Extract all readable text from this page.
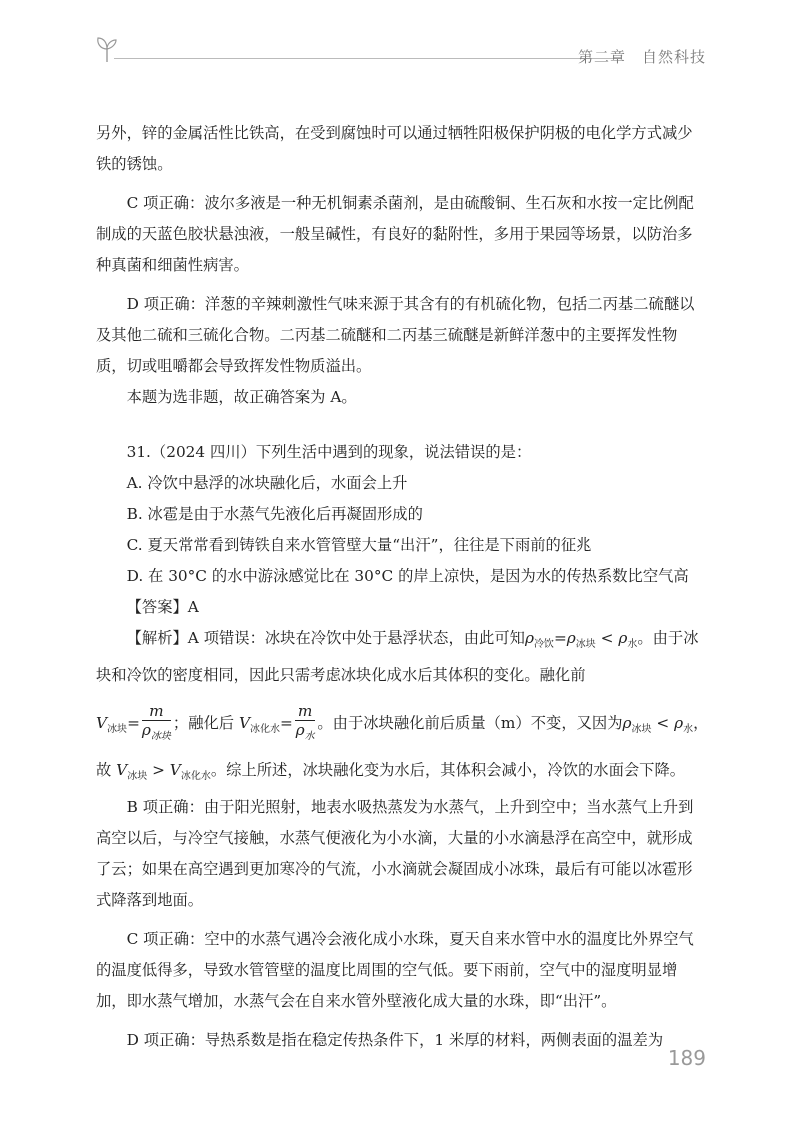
第二章　自然科技

另外，锌的金属活性比铁高，在受到腐蚀时可以通过牺牲阳极保护阴极的电化学方式减少铁的锈蚀。

C 项正确：波尔多液是一种无机铜素杀菌剂，是由硫酸铜、生石灰和水按一定比例配制成的天蓝色胶状悬浊液，一般呈碱性，有良好的黏附性，多用于果园等场景，以防治多种真菌和细菌性病害。

D 项正确：洋葱的辛辣刺激性气味来源于其含有的有机硫化物，包括二丙基二硫醚以及其他二硫和三硫化合物。二丙基二硫醚和二丙基三硫醚是新鲜洋葱中的主要挥发性物质，切或咀嚼都会导致挥发性物质溢出。

本题为选非题，故正确答案为 A。

31.（2024 四川）下列生活中遇到的现象，说法错误的是：

A. 冷饮中悬浮的冰块融化后，水面会上升

B. 冰雹是由于水蒸气先液化后再凝固形成的

C. 夏天常常看到铸铁自来水管管壁大量“出汗”，往往是下雨前的征兆

D. 在 30°C 的水中游泳感觉比在 30°C 的岸上凉快，是因为水的传热系数比空气高

【答案】A

【解析】A 项错误：冰块在冷饮中处于悬浮状态，由此可知$\rho_{冷饮}=\rho_{冰块} < \rho_水$。由于冰块和冷饮的密度相同，因此只需考虑冰块化成水后其体积的变化。融化前

$V_{冰块}= \frac{m}{\rho_{冰块}}$ ；融化后 $V_{冰化水}= \frac{m}{\rho_水}$ 。由于冰块融化前后质量（m）不变，又因为$\rho_{冰块} < \rho_水$，

故 $V_{冰块} > V_{冰化水}$。综上所述，冰块融化变为水后，其体积会减小，冷饮的水面会下降。

B 项正确：由于阳光照射，地表水吸热蒸发为水蒸气，上升到空中；当水蒸气上升到高空以后，与冷空气接触，水蒸气便液化为小水滴，大量的小水滴悬浮在高空中，就形成了云；如果在高空遇到更加寒冷的气流，小水滴就会凝固成小冰珠，最后有可能以冰雹形式降落到地面。

C 项正确：空中的水蒸气遇冷会液化成小水珠，夏天自来水管中水的温度比外界空气的温度低得多，导致水管管壁的温度比周围的空气低。要下雨前，空气中的湿度明显增加，即水蒸气增加，水蒸气会在自来水管外壁液化成大量的水珠，即“出汗”。

D 项正确：导热系数是指在稳定传热条件下，1 米厚的材料，两侧表面的温差为

189
